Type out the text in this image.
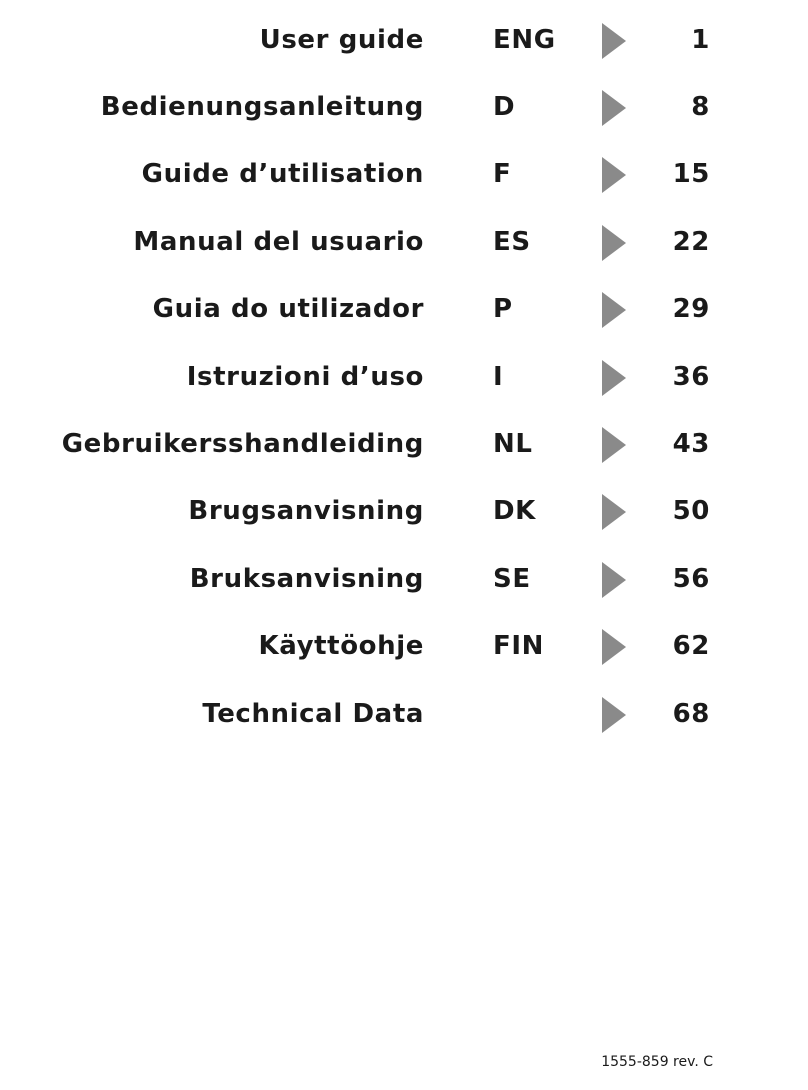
User guide	ENG	1
Bedienungsanleitung	D	8
Guide d’utilisation	F	15
Manual del usuario	ES	22
Guia do utilizador	P	29
Istruzioni d’uso	I	36
Gebruikersshandleiding	NL	43
Brugsanvisning	DK	50
Bruksanvisning	SE	56
Käyttöohje	FIN	62
Technical Data	68
1555-859 rev. C
